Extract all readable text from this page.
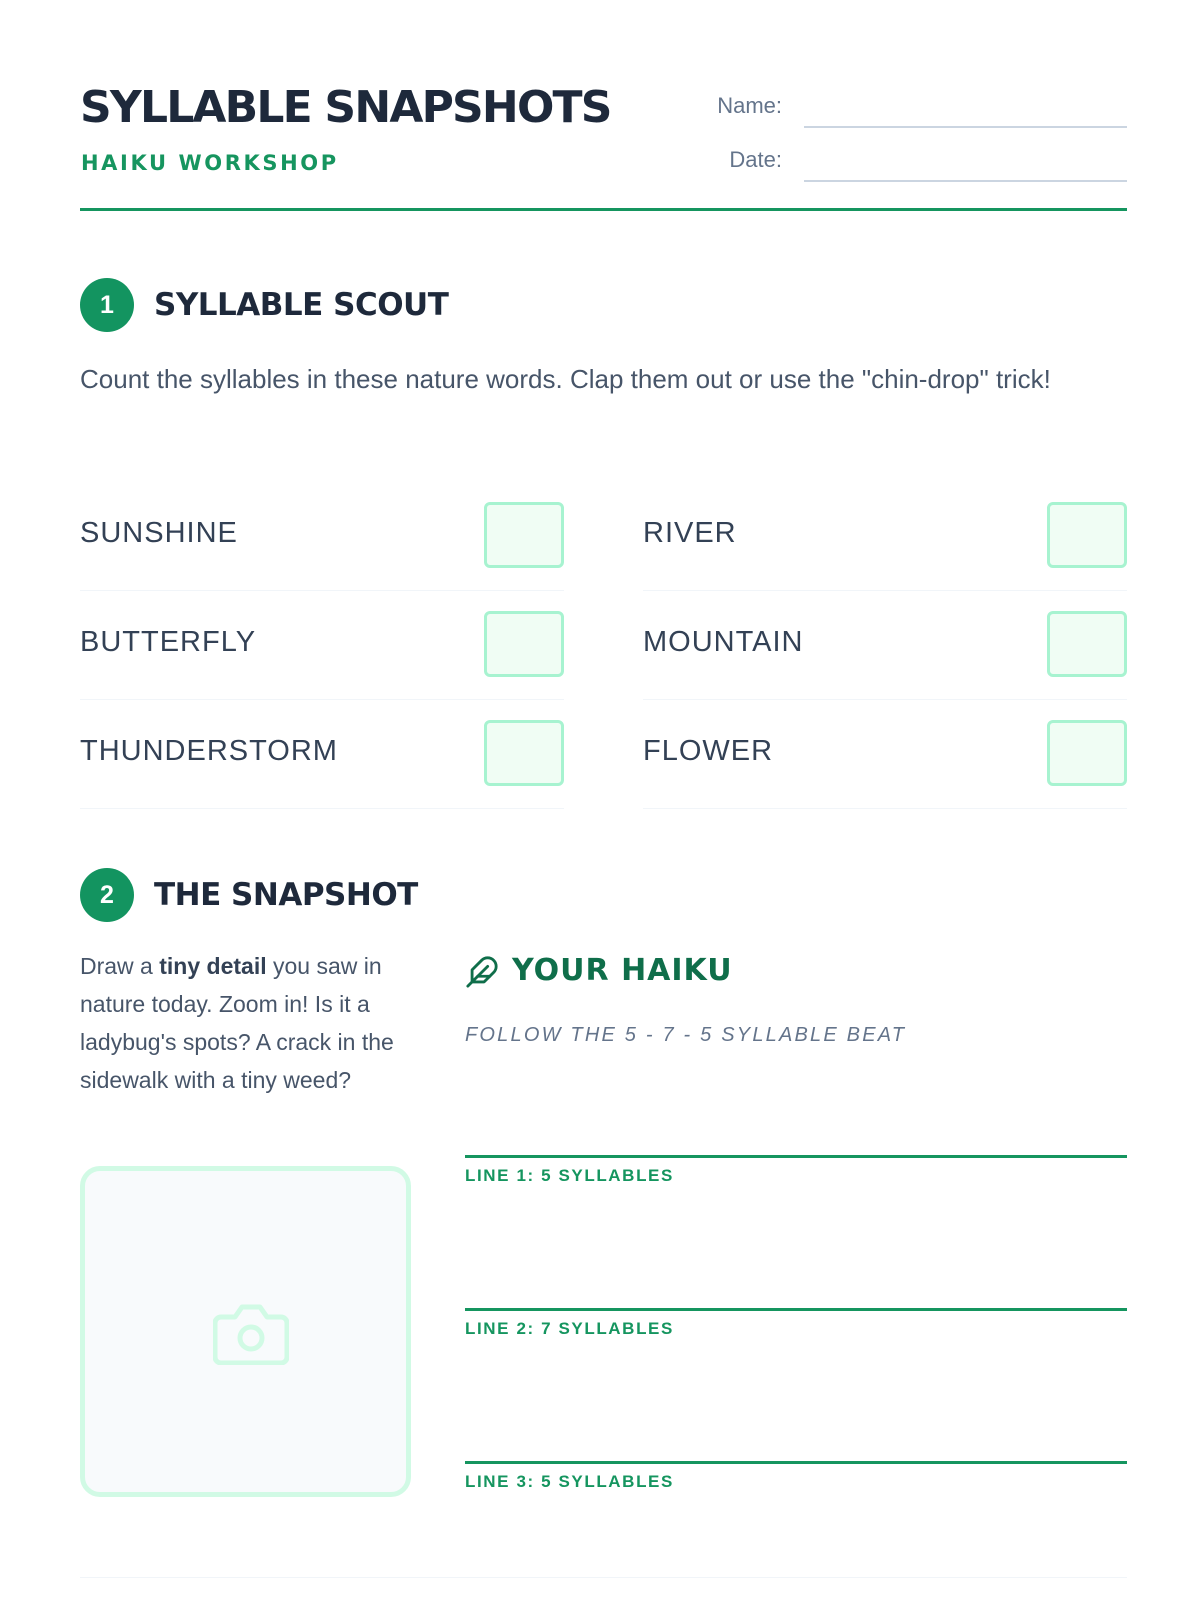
SYLLABLE SNAPSHOTS
HAIKU WORKSHOP
Name:
Date:
1	SYLLABLE SCOUT

Count the syllables in these nature words. Clap them out or use the "chin-drop" trick!

SUNSHINE	RIVER
BUTTERFLY	MOUNTAIN
THUNDERSTORM	FLOWER
2	THE SNAPSHOT

Draw a tiny detail you saw in nature today. Zoom in! Is it a ladybug's spots? A crack in the sidewalk with a tiny weed?

YOUR HAIKU
FOLLOW THE 5 - 7 - 5 SYLLABLE BEAT
LINE 1: 5 SYLLABLES
LINE 2: 7 SYLLABLES
LINE 3: 5 SYLLABLES
